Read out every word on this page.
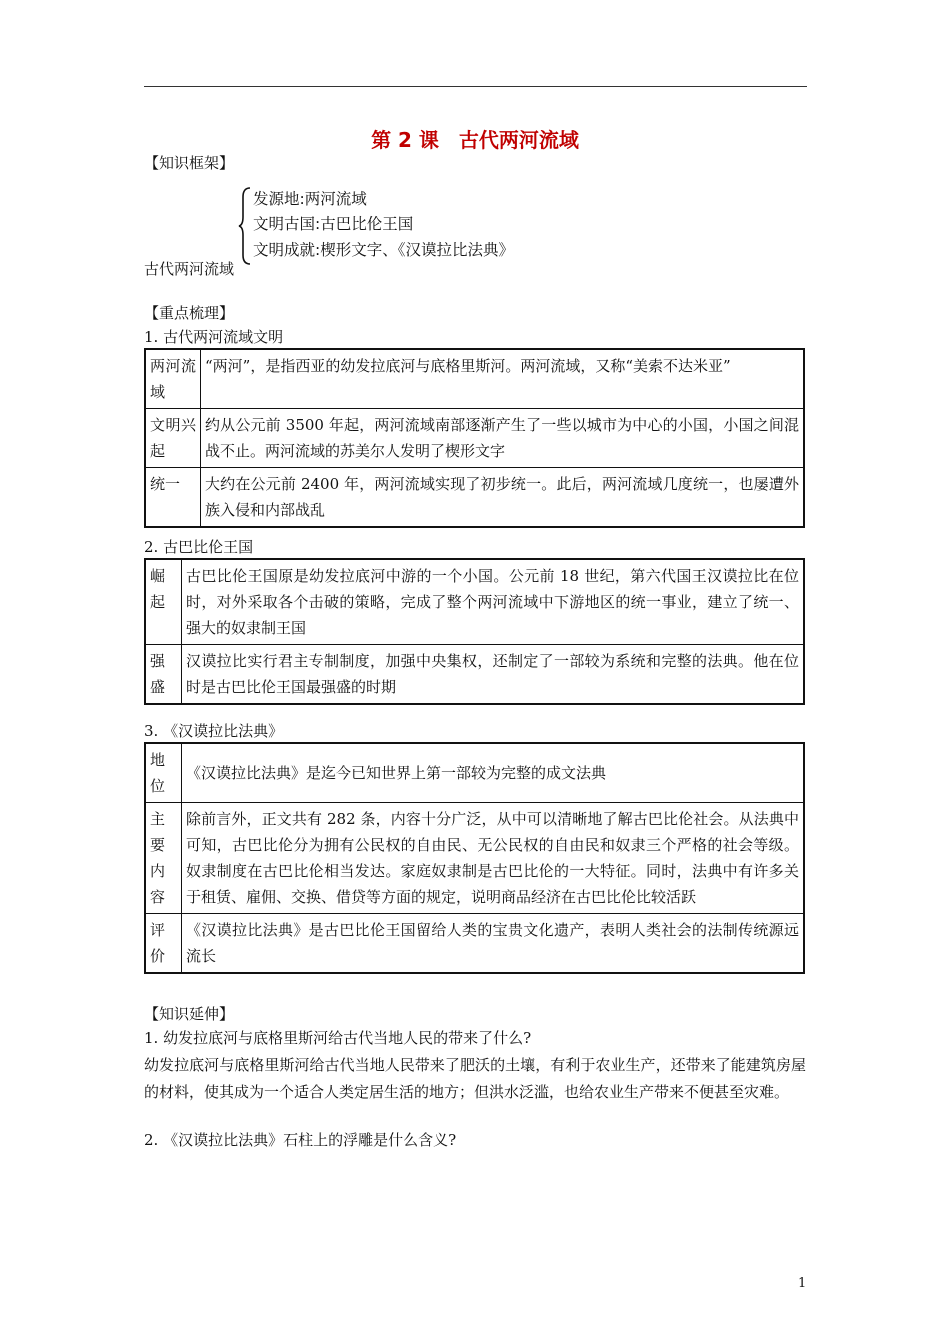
第 2 课　古代两河流域
【知识框架】
发源地:两河流域
文明古国:古巴比伦王国
文明成就:楔形文字、《汉谟拉比法典》
古代两河流域
【重点梳理】
1. 古代两河流域文明
两河流域	“两河”，是指西亚的幼发拉底河与底格里斯河。两河流域，又称“美索不达米亚”
文明兴起	约从公元前 3500 年起，两河流域南部逐渐产生了一些以城市为中心的小国，小国之间混战不止。两河流域的苏美尔人发明了楔形文字
统一	大约在公元前 2400 年，两河流域实现了初步统一。此后，两河流域几度统一，也屡遭外族入侵和内部战乱
2. 古巴比伦王国
崛起	古巴比伦王国原是幼发拉底河中游的一个小国。公元前 18 世纪，第六代国王汉谟拉比在位时，对外采取各个击破的策略，完成了整个两河流域中下游地区的统一事业，建立了统一、强大的奴隶制王国
强盛	汉谟拉比实行君主专制制度，加强中央集权，还制定了一部较为系统和完整的法典。他在位时是古巴比伦王国最强盛的时期
3. 《汉谟拉比法典》
地位	《汉谟拉比法典》是迄今已知世界上第一部较为完整的成文法典
主要内容	除前言外，正文共有 282 条，内容十分广泛，从中可以清晰地了解古巴比伦社会。从法典中可知，古巴比伦分为拥有公民权的自由民、无公民权的自由民和奴隶三个严格的社会等级。奴隶制度在古巴比伦相当发达。家庭奴隶制是古巴比伦的一大特征。同时，法典中有许多关于租赁、雇佣、交换、借贷等方面的规定，说明商品经济在古巴比伦比较活跃
评价	《汉谟拉比法典》是古巴比伦王国留给人类的宝贵文化遗产，表明人类社会的法制传统源远流长
【知识延伸】
1. 幼发拉底河与底格里斯河给古代当地人民的带来了什么?
幼发拉底河与底格里斯河给古代当地人民带来了肥沃的土壤，有利于农业生产，还带来了能建筑房屋的材料，使其成为一个适合人类定居生活的地方；但洪水泛滥，也给农业生产带来不便甚至灾难。
2. 《汉谟拉比法典》石柱上的浮雕是什么含义?
1
